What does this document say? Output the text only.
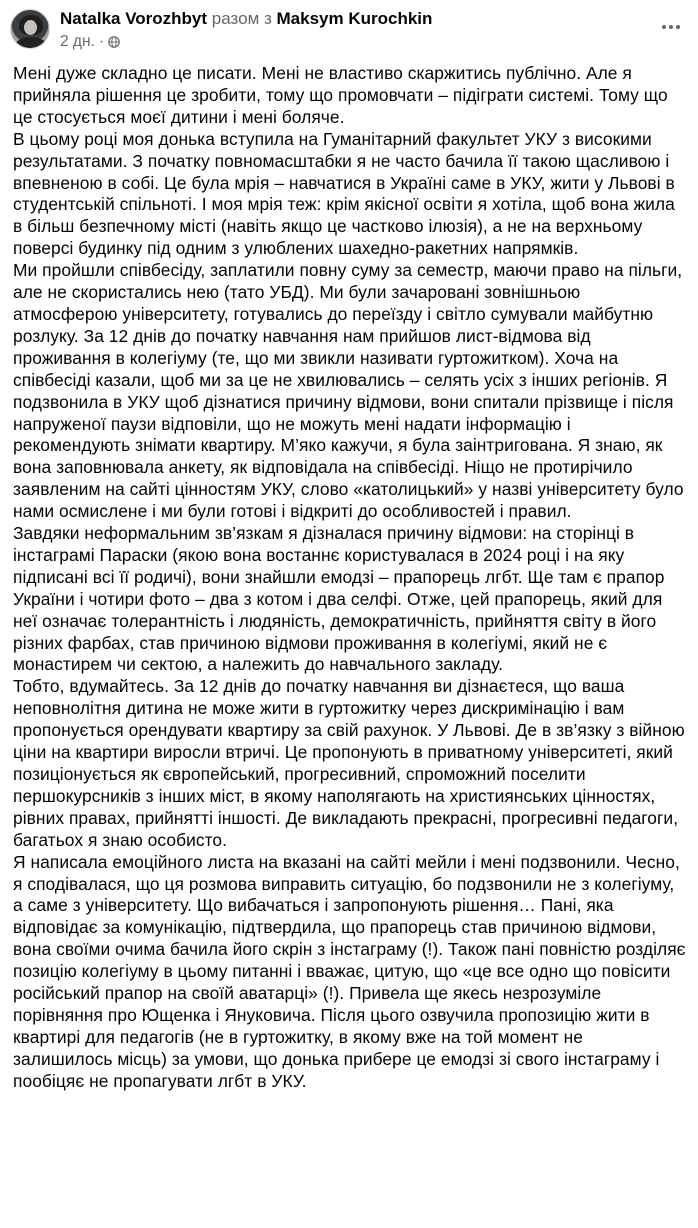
Natalka Vorozhbyt разом з Maksym Kurochkin
2 дн. ·

Мені дуже складно це писати. Мені не властиво скаржитись публічно. Але я прийняла рішення це зробити, тому що промовчати – підіграти системі. Тому що це стосується моєї дитини і мені боляче.

В цьому році моя донька вступила на Гуманітарний факультет УКУ з високими результатами. З початку повномасштабки я не часто бачила її такою щасливою і впевненою в собі. Це була мрія – навчатися в Україні саме в УКУ, жити у Львові в студентській спільноті. І моя мрія теж: крім якісної освіти я хотіла, щоб вона жила в більш безпечному місті (навіть якщо це частково ілюзія), а не на верхньому поверсі будинку під одним з улюблених шахедно-ракетних напрямків.

Ми пройшли співбесіду, заплатили повну суму за семестр, маючи право на пільги, але не скористались нею (тато УБД). Ми були зачаровані зовнішньою атмосферою університету, готувались до переїзду і світло сумували майбутню розлуку. За 12 днів до початку навчання нам прийшов лист-відмова від проживання в колегіуму (те, що ми звикли називати гуртожитком). Хоча на співбесіді казали, щоб ми за це не хвилювались – селять усіх з інших регіонів. Я подзвонила в УКУ щоб дізнатися причину відмови, вони спитали прізвище і після напруженої паузи відповіли, що не можуть мені надати інформацію і рекомендують знімати квартиру. М’яко кажучи, я була заінтригована. Я знаю, як вона заповнювала анкету, як відповідала на співбесіді. Ніщо не протирічило заявленим на сайті цінностям УКУ, слово «католицький» у назві університету було нами осмислене і ми були готові і відкриті до особливостей і правил.

Завдяки неформальним зв’язкам я дізналася причину відмови: на сторінці в інстаграмі Параски (якою вона востаннє користувалася в 2024 році і на яку підписані всі її родичі), вони знайшли емодзі – прапорець лгбт. Ще там є прапор України і чотири фото – два з котом і два селфі. Отже, цей прапорець, який для неї означає толерантність і людяність, демократичність, прийняття світу в його різних фарбах, став причиною відмови проживання в колегіумі, який не є монастирем чи сектою, а належить до навчального закладу.

Тобто, вдумайтесь. За 12 днів до початку навчання ви дізнаєтеся, що ваша неповнолітня дитина не може жити в гуртожитку через дискримінацію і вам пропонується орендувати квартиру за свій рахунок. У Львові. Де в зв’язку з війною ціни на квартири виросли втричі. Це пропонують в приватному університеті, який позиціонується як європейський, прогресивний, спроможний поселити першокурсників з інших міст, в якому наполягають на християнських цінностях, рівних правах, прийнятті іншості. Де викладають прекрасні, прогресивні педагоги, багатьох я знаю особисто.

Я написала емоційного листа на вказані на сайті мейли і мені подзвонили. Чесно, я сподівалася, що ця розмова виправить ситуацію, бо подзвонили не з колегіуму, а саме з університету. Що вибачаться і запропонують рішення… Пані, яка відповідає за комунікацію, підтвердила, що прапорець став причиною відмови, вона своїми очима бачила його скрін з інстаграму (!). Також пані повністю розділяє позицію колегіуму в цьому питанні і вважає, цитую, що «це все одно що повісити російський прапор на своїй аватарці» (!). Привела ще якесь незрозуміле порівняння про Ющенка і Януковича. Після цього озвучила пропозицію жити в квартирі для педагогів (не в гуртожитку, в якому вже на той момент не залишилось місць) за умови, що донька прибере це емодзі зі свого інстаграму і пообіцяє не пропагувати лгбт в УКУ.
